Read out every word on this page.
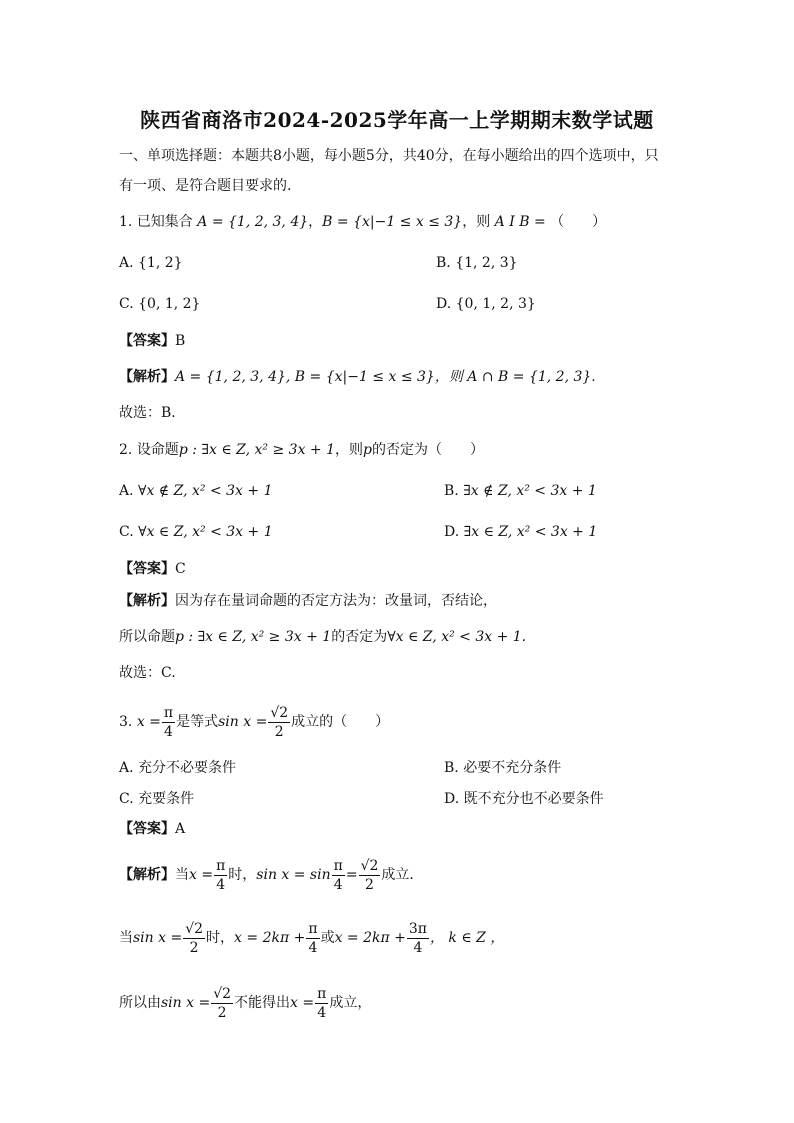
陕西省商洛市2024-2025学年高一上学期期末数学试题
一、单项选择题：本题共8小题，每小题5分，共40分，在每小题给出的四个选项中，只
有一项、是符合题目要求的.
1. 已知集合 A = {1, 2, 3, 4}，B = {x|−1 ≤ x ≤ 3}，则 A I B = （　　）
A. {1, 2}	B. {1, 2, 3}
C. {0, 1, 2}	D. {0, 1, 2, 3}
【答案】B
【解析】A = {1, 2, 3, 4}, B = {x|−1 ≤ x ≤ 3}，则 A ∩ B = {1, 2, 3}.
故选：B.
2. 设命题p : ∃x ∈ Z, x² ≥ 3x + 1，则p的否定为（　　）
A. ∀x ∉ Z, x² < 3x + 1	B. ∃x ∉ Z, x² < 3x + 1
C. ∀x ∈ Z, x² < 3x + 1	D. ∃x ∈ Z, x² < 3x + 1
【答案】C
【解析】因为存在量词命题的否定方法为：改量词，否结论，
所以命题p : ∃x ∈ Z, x² ≥ 3x + 1的否定为∀x ∈ Z, x² < 3x + 1.
故选：C.
3. $x = \frac{\pi}{4}$ 是等式$\sin x = \frac{√2}{2}$ 成立的（　　）
A. 充分不必要条件	B. 必要不充分条件
C. 充要条件	D. 既不充分也不必要条件
【答案】A
【解析】当$x = \frac{\pi}{4}$ 时，$\sin x = \sin \frac{\pi}{4} = \frac{√2}{2}$ 成立.
当$\sin x = \frac{√2}{2}$ 时，$x = 2k\pi + \frac{\pi}{4}$ 或$x = 2k\pi + \frac{3\pi}{4}$ ， k ∈ Z ，
所以由$\sin x = \frac{√2}{2}$ 不能得出$x = \frac{\pi}{4}$ 成立，
